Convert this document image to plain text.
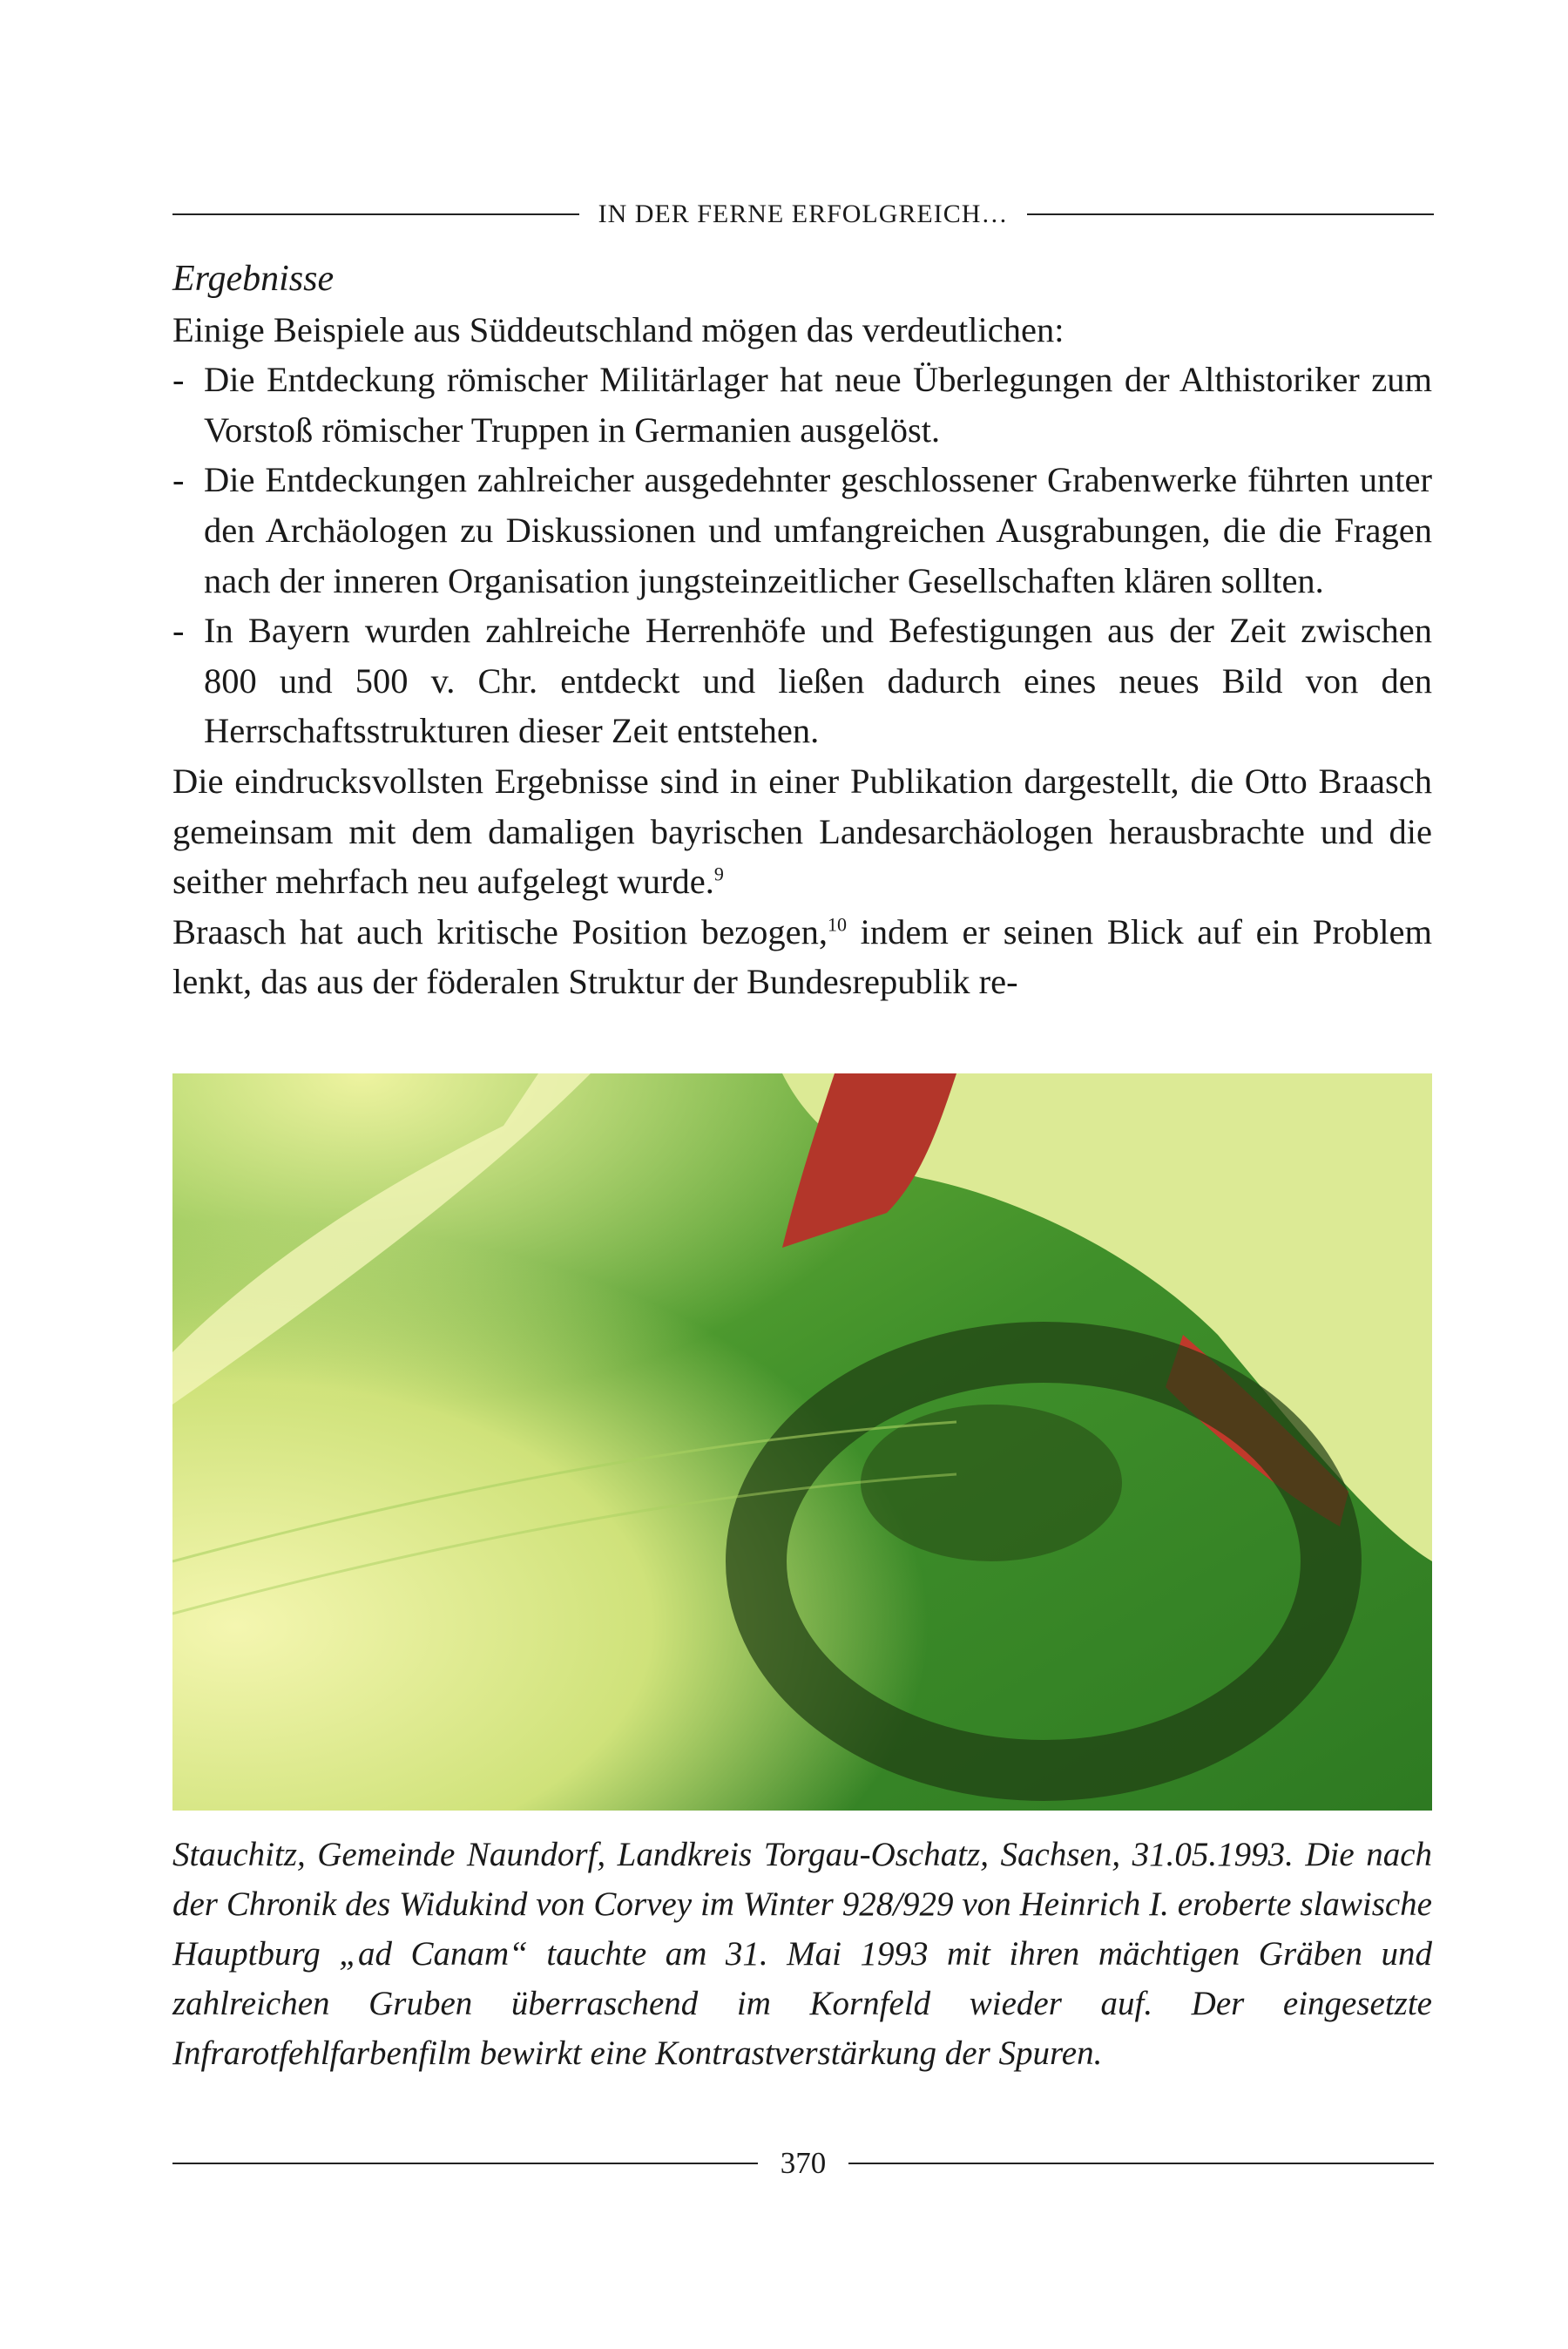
IN DER FERNE ERFOLGREICH…
Ergebnisse

Einige Beispiele aus Süddeutschland mögen das verdeutlichen:

- Die Entdeckung römischer Militärlager hat neue Überlegungen der Althistoriker zum Vorstoß römischer Truppen in Germanien ausgelöst.
- Die Entdeckungen zahlreicher ausgedehnter geschlossener Grabenwerke führten unter den Archäologen zu Diskussionen und umfangreichen Ausgrabungen, die die Fragen nach der inneren Organisation jungsteinzeitlicher Gesellschaften klären sollten.
- In Bayern wurden zahlreiche Herrenhöfe und Befestigungen aus der Zeit zwischen 800 und 500 v. Chr. entdeckt und ließen dadurch eines neues Bild von den Herrschaftsstrukturen dieser Zeit entstehen.

Die eindrucksvollsten Ergebnisse sind in einer Publikation dargestellt, die Otto Braasch gemeinsam mit dem damaligen bayrischen Landesarchäologen herausbrachte und die seither mehrfach neu aufgelegt wurde.$^9$

Braasch hat auch kritische Position bezogen,$^{10}$ indem er seinen Blick auf ein Problem lenkt, das aus der föderalen Struktur der Bundesrepublik re-

Stauchitz, Gemeinde Naundorf, Landkreis Torgau-Oschatz, Sachsen, 31.05.1993. Die nach der Chronik des Widukind von Corvey im Winter 928/929 von Heinrich I. eroberte slawische Hauptburg „ad Canam“ tauchte am 31. Mai 1993 mit ihren mächtigen Gräben und zahlreichen Gruben überraschend im Kornfeld wieder auf. Der eingesetzte Infrarotfehlfarbenfilm bewirkt eine Kontrastverstärkung der Spuren.
370
